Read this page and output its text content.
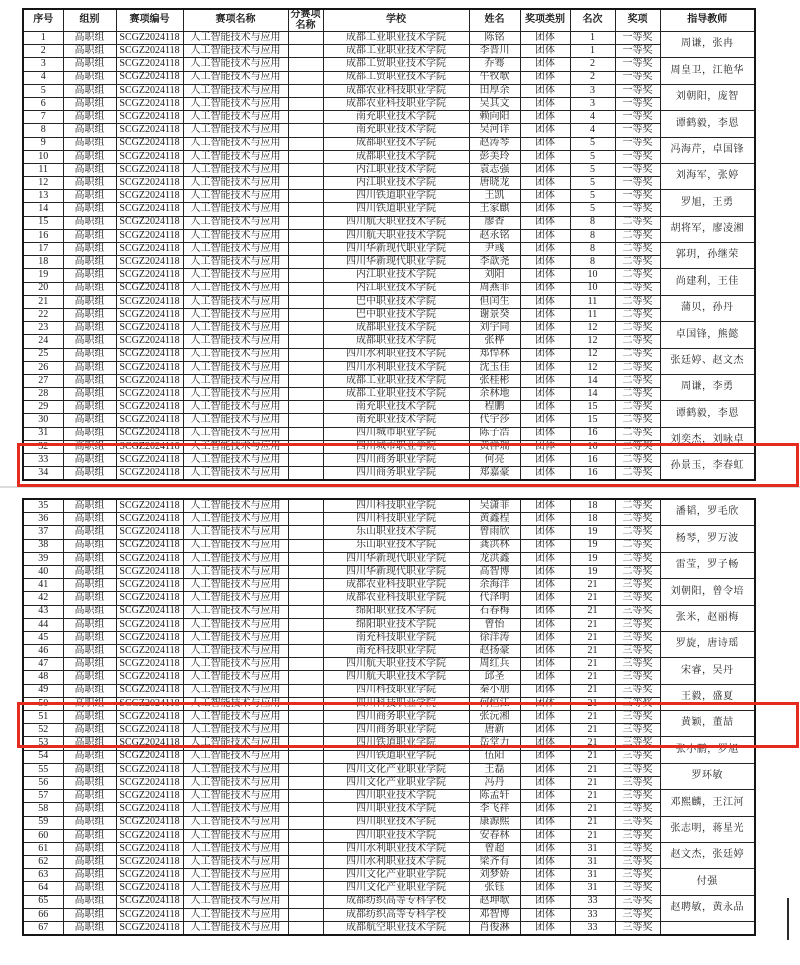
序号	组别	赛项编号	赛项名称	分赛项名称	学校	姓名	奖项类别	名次	奖项	指导教师
1	高职组	SCGZ2024118	人工智能技术与应用		成都工业职业技术学院	陈铭	团体	1	一等奖	周谦，张冉
2	高职组	SCGZ2024118	人工智能技术与应用		成都工业职业技术学院	李晋川	团体	1	一等奖	
3	高职组	SCGZ2024118	人工智能技术与应用		成都工贸职业技术学院	乔骞	团体	2	一等奖	周皇卫，江艳华
4	高职组	SCGZ2024118	人工智能技术与应用		成都工贸职业技术学院	牛牧歌	团体	2	一等奖	
5	高职组	SCGZ2024118	人工智能技术与应用		成都农业科技职业学院	田厚余	团体	3	一等奖	刘朝阳，庞智
6	高职组	SCGZ2024118	人工智能技术与应用		成都农业科技职业学院	吴其文	团体	3	一等奖	
7	高职组	SCGZ2024118	人工智能技术与应用		南充职业技术学院	赖向阳	团体	4	一等奖	谭鹤毅，李恩
8	高职组	SCGZ2024118	人工智能技术与应用		南充职业技术学院	吴河详	团体	4	一等奖	
9	高职组	SCGZ2024118	人工智能技术与应用		成都职业技术学院	赵涛琴	团体	5	一等奖	冯海芹，卓国锋
10	高职组	SCGZ2024118	人工智能技术与应用		成都职业技术学院	彭美玲	团体	5	一等奖	
11	高职组	SCGZ2024118	人工智能技术与应用		内江职业技术学院	袁志强	团体	5	一等奖	刘海军，张婷
12	高职组	SCGZ2024118	人工智能技术与应用		内江职业技术学院	唐晓龙	团体	5	一等奖	
13	高职组	SCGZ2024118	人工智能技术与应用		四川铁道职业学院	王凯	团体	5	一等奖	罗旭，王勇
14	高职组	SCGZ2024118	人工智能技术与应用		四川铁道职业学院	王家麒	团体	5	一等奖	
15	高职组	SCGZ2024118	人工智能技术与应用		四川航天职业技术学院	廖香	团体	8	二等奖	胡将军，廖凌湘
16	高职组	SCGZ2024118	人工智能技术与应用		四川航天职业技术学院	赵永铭	团体	8	二等奖	
17	高职组	SCGZ2024118	人工智能技术与应用		四川华新现代职业学院	尹彧	团体	8	二等奖	郭玥，孙继荣
18	高职组	SCGZ2024118	人工智能技术与应用		四川华新现代职业学院	李歆尧	团体	8	二等奖	
19	高职组	SCGZ2024118	人工智能技术与应用		内江职业技术学院	刘阳	团体	10	二等奖	尚建利，王佳
20	高职组	SCGZ2024118	人工智能技术与应用		内江职业技术学院	周燕菲	团体	10	二等奖	
21	高职组	SCGZ2024118	人工智能技术与应用		巴中职业技术学院	但闰生	团体	11	二等奖	蒲贝，孙丹
22	高职组	SCGZ2024118	人工智能技术与应用		巴中职业技术学院	谢景癸	团体	11	二等奖	
23	高职组	SCGZ2024118	人工智能技术与应用		成都职业技术学院	刘宇同	团体	12	二等奖	卓国锋，熊懿
24	高职组	SCGZ2024118	人工智能技术与应用		成都职业技术学院	张桦	团体	12	二等奖	
25	高职组	SCGZ2024118	人工智能技术与应用		四川水利职业技术学院	郑悍林	团体	12	二等奖	张廷婷、赵文杰
26	高职组	SCGZ2024118	人工智能技术与应用		四川水利职业技术学院	沈玉佳	团体	12	二等奖	
27	高职组	SCGZ2024118	人工智能技术与应用		成都工业职业技术学院	张桂彬	团体	14	二等奖	周谦，李勇
28	高职组	SCGZ2024118	人工智能技术与应用		成都工业职业技术学院	余林地	团体	14	二等奖	
29	高职组	SCGZ2024118	人工智能技术与应用		南充职业技术学院	程鹏	团体	15	二等奖	谭鹤毅，李恩
30	高职组	SCGZ2024118	人工智能技术与应用		南充职业技术学院	代宇莎	团体	15	二等奖	
31	高职组	SCGZ2024118	人工智能技术与应用		四川城市职业学院	陈子浩	团体	16	二等奖	刘奕杰，刘咏卓
32	高职组	SCGZ2024118	人工智能技术与应用		四川城市职业学院	黄祥瑞	团体	16	二等奖	
33	高职组	SCGZ2024118	人工智能技术与应用		四川商务职业学院	何亮	团体	16	二等奖	孙景玉，李春虹
34	高职组	SCGZ2024118	人工智能技术与应用		四川商务职业学院	郑嘉豪	团体	16	二等奖	
35	高职组	SCGZ2024118	人工智能技术与应用		四川科技职业学院	吴潇菲	团体	18	二等奖	潘韬，罗毛欣
36	高职组	SCGZ2024118	人工智能技术与应用		四川科技职业学院	黄鑫程	团体	18	二等奖	
37	高职组	SCGZ2024118	人工智能技术与应用		乐山职业技术学院	曾雨欣	团体	19	二等奖	杨琴，罗万波
38	高职组	SCGZ2024118	人工智能技术与应用		乐山职业技术学院	龚洪林	团体	19	二等奖	
39	高职组	SCGZ2024118	人工智能技术与应用		四川华新现代职业学院	龙洪鑫	团体	19	二等奖	雷莹，罗子畅
40	高职组	SCGZ2024118	人工智能技术与应用		四川华新现代职业学院	高智博	团体	19	二等奖	
41	高职组	SCGZ2024118	人工智能技术与应用		成都农业科技职业学院	余海洋	团体	21	三等奖	刘朝阳，曾令培
42	高职组	SCGZ2024118	人工智能技术与应用		成都农业科技职业学院	代泽明	团体	21	三等奖	
43	高职组	SCGZ2024118	人工智能技术与应用		绵阳职业技术学院	石春梅	团体	21	三等奖	张米，赵丽梅
44	高职组	SCGZ2024118	人工智能技术与应用		绵阳职业技术学院	曾怡	团体	21	三等奖	
45	高职组	SCGZ2024118	人工智能技术与应用		南充科技职业学院	徐洋涛	团体	21	三等奖	罗旋，唐诗瑶
46	高职组	SCGZ2024118	人工智能技术与应用		南充科技职业学院	赵扬豪	团体	21	三等奖	
47	高职组	SCGZ2024118	人工智能技术与应用		四川航天职业技术学院	周红兵	团体	21	三等奖	宋睿，吴丹
48	高职组	SCGZ2024118	人工智能技术与应用		四川航天职业技术学院	邱圣	团体	21	三等奖	
49	高职组	SCGZ2024118	人工智能技术与应用		四川科技职业学院	秦小朋	团体	21	三等奖	王毅，盛夏
50	高职组	SCGZ2024118	人工智能技术与应用		四川科技职业学院	何恒江	团体	21	三等奖	
51	高职组	SCGZ2024118	人工智能技术与应用		四川商务职业学院	张沅湘	团体	21	三等奖	黄颖，董喆
52	高职组	SCGZ2024118	人工智能技术与应用		四川商务职业学院	唐新	团体	21	三等奖	
53	高职组	SCGZ2024118	人工智能技术与应用		四川铁道职业学院	岳堂力	团体	21	三等奖	张小鹏，罗旭
54	高职组	SCGZ2024118	人工智能技术与应用		四川铁道职业学院	伍阳	团体	21	三等奖	
55	高职组	SCGZ2024118	人工智能技术与应用		四川文化产业职业学院	王磊	团体	21	三等奖	罗环敏
56	高职组	SCGZ2024118	人工智能技术与应用		四川文化产业职业学院	冯丹	团体	21	三等奖	
57	高职组	SCGZ2024118	人工智能技术与应用		四川职业技术学院	陈孟轩	团体	21	三等奖	邓熙麟，王江河
58	高职组	SCGZ2024118	人工智能技术与应用		四川职业技术学院	李飞祥	团体	21	三等奖	
59	高职组	SCGZ2024118	人工智能技术与应用		四川职业技术学院	康源熙	团体	21	三等奖	张志明，蒋星光
60	高职组	SCGZ2024118	人工智能技术与应用		四川职业技术学院	安春林	团体	21	三等奖	
61	高职组	SCGZ2024118	人工智能技术与应用		四川水利职业技术学院	曾超	团体	31	三等奖	赵文杰，张廷婷
62	高职组	SCGZ2024118	人工智能技术与应用		四川水利职业技术学院	梁齐有	团体	31	三等奖	
63	高职组	SCGZ2024118	人工智能技术与应用		四川文化产业职业学院	刘梦娇	团体	31	三等奖	付强
64	高职组	SCGZ2024118	人工智能技术与应用		四川文化产业职业学院	张钰	团体	31	三等奖	
65	高职组	SCGZ2024118	人工智能技术与应用		成都纺织高等专科学校	赵坤歌	团体	33	三等奖	赵聘敏，黄永品
66	高职组	SCGZ2024118	人工智能技术与应用		成都纺织高等专科学校	邓智博	团体	33	三等奖	
67	高职组	SCGZ2024118	人工智能技术与应用		成都航空职业技术学院	肖俊淋	团体	33	三等奖	
